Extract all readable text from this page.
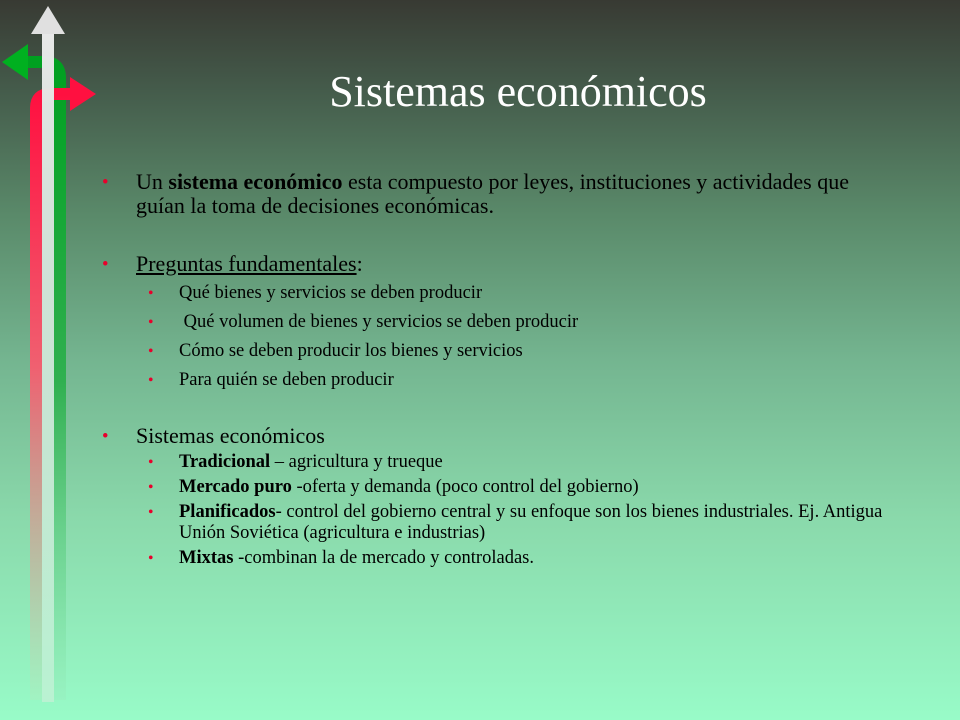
Sistemas económicos
• Un sistema económico esta compuesto por leyes, instituciones y actividades que guían la toma de decisiones económicas.
• Preguntas fundamentales:
• Qué bienes y servicios se deben producir
• Qué volumen de bienes y servicios se deben producir
• Cómo se deben producir los bienes y servicios
• Para quién se deben producir
• Sistemas económicos
• Tradicional – agricultura y trueque
• Mercado puro -oferta y demanda (poco control del gobierno)
• Planificados- control del gobierno central y su enfoque son los bienes industriales. Ej. Antigua Unión Soviética (agricultura e industrias)
• Mixtas -combinan la de mercado y controladas.
